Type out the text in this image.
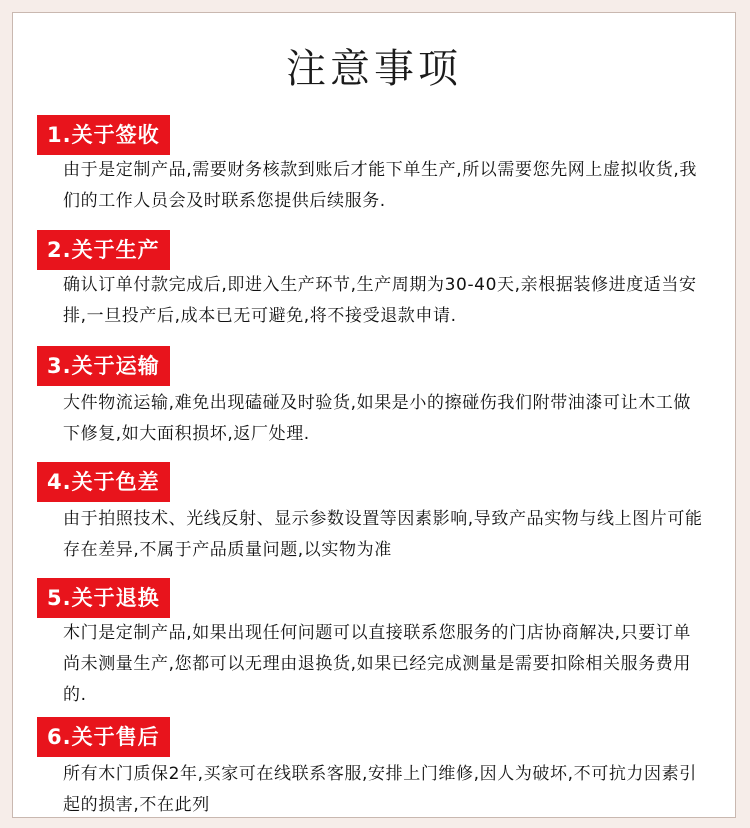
注意事项
1.关于签收
由于是定制产品,需要财务核款到账后才能下单生产,所以需要您先网上虚拟收货,我们的工作人员会及时联系您提供后续服务.
2.关于生产
确认订单付款完成后,即进入生产环节,生产周期为30-40天,亲根据装修进度适当安排,一旦投产后,成本已无可避免,将不接受退款申请.
3.关于运输
大件物流运输,难免出现磕碰及时验货,如果是小的擦碰伤我们附带油漆可让木工做下修复,如大面积损坏,返厂处理.
4.关于色差
由于拍照技术、光线反射、显示参数设置等因素影响,导致产品实物与线上图片可能存在差异,不属于产品质量问题,以实物为准
5.关于退换
木门是定制产品,如果出现任何问题可以直接联系您服务的门店协商解决,只要订单尚未测量生产,您都可以无理由退换货,如果已经完成测量是需要扣除相关服务费用的.
6.关于售后
所有木门质保2年,买家可在线联系客服,安排上门维修,因人为破坏,不可抗力因素引起的损害,不在此列
